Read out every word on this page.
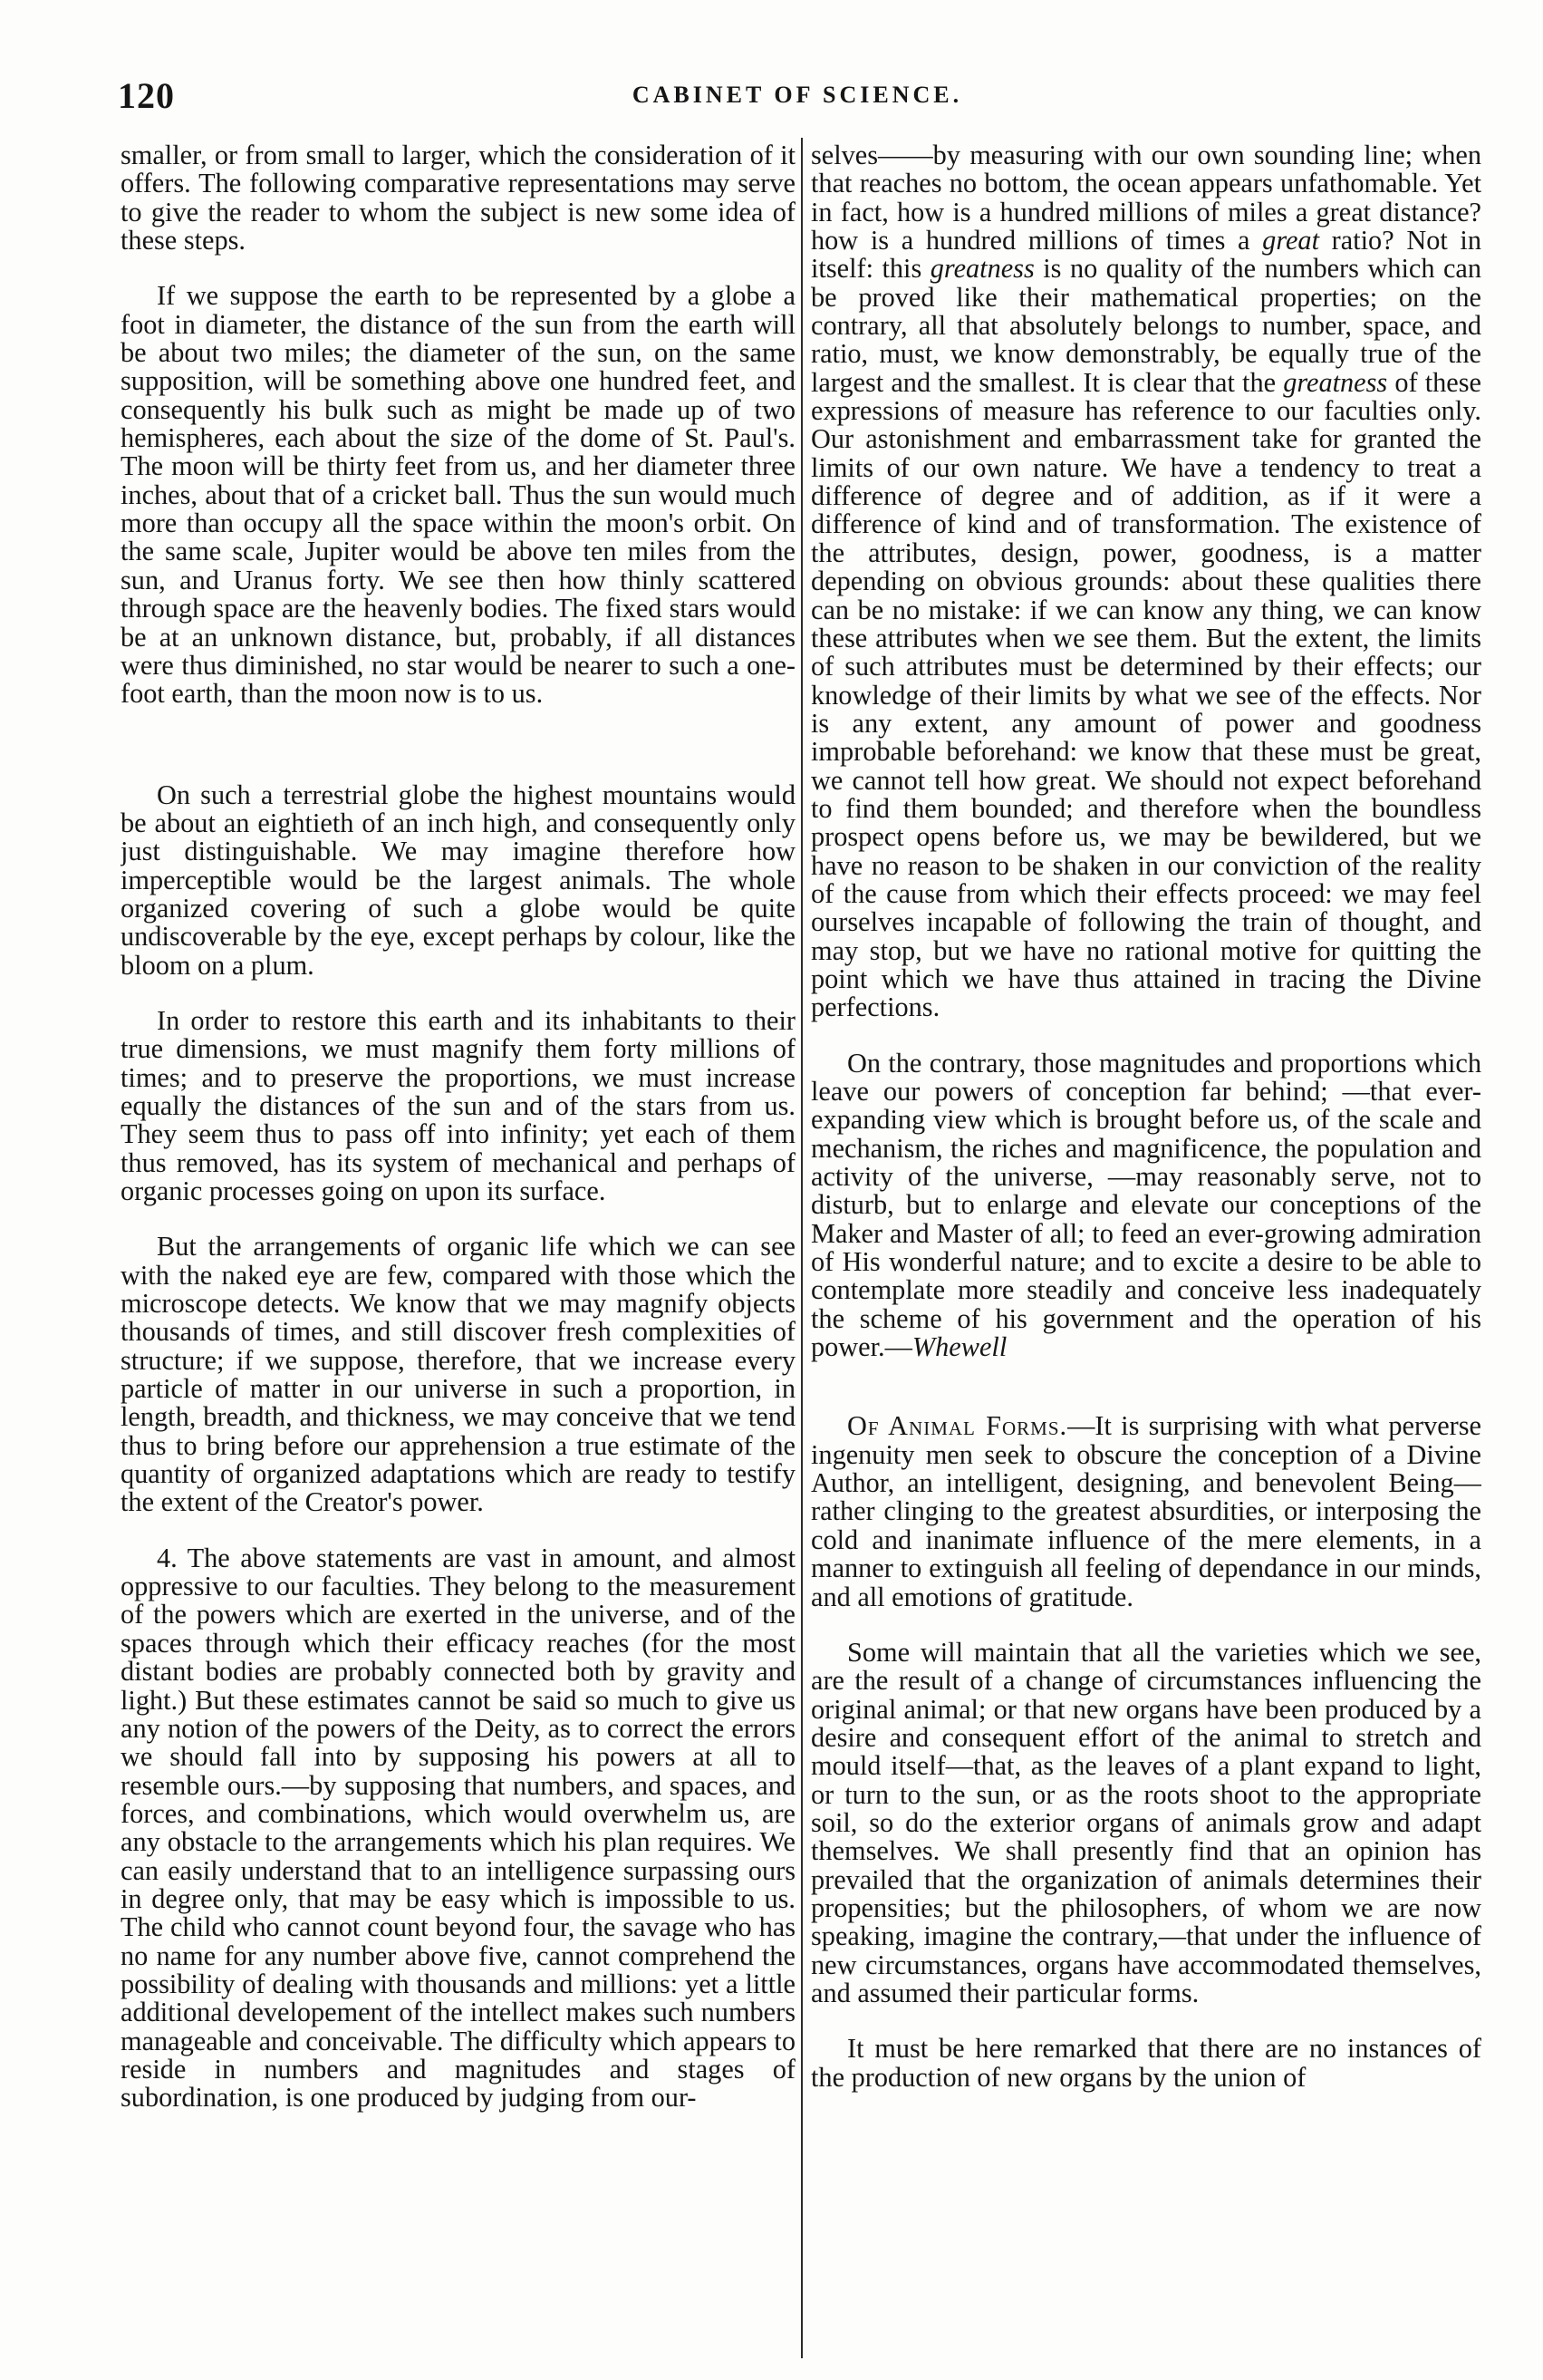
120	CABINET OF SCIENCE.

smaller, or from small to larger, which the consideration of it offers. The following comparative representations may serve to give the reader to whom the subject is new some idea of these steps.

If we suppose the earth to be represented by a globe a foot in diameter, the distance of the sun from the earth will be about two miles; the diameter of the sun, on the same supposition, will be something above one hundred feet, and consequently his bulk such as might be made up of two hemispheres, each about the size of the dome of St. Paul's. The moon will be thirty feet from us, and her diameter three inches, about that of a cricket ball. Thus the sun would much more than occupy all the space within the moon's orbit. On the same scale, Jupiter would be above ten miles from the sun, and Uranus forty. We see then how thinly scattered through space are the heavenly bodies. The fixed stars would be at an unknown distance, but, probably, if all distances were thus diminished, no star would be nearer to such a one-foot earth, than the moon now is to us.

On such a terrestrial globe the highest mountains would be about an eightieth of an inch high, and consequently only just distinguishable. We may imagine therefore how imperceptible would be the largest animals. The whole organized covering of such a globe would be quite undiscoverable by the eye, except perhaps by colour, like the bloom on a plum.

In order to restore this earth and its inhabitants to their true dimensions, we must magnify them forty millions of times; and to preserve the proportions, we must increase equally the distances of the sun and of the stars from us. They seem thus to pass off into infinity; yet each of them thus removed, has its system of mechanical and perhaps of organic processes going on upon its surface.

But the arrangements of organic life which we can see with the naked eye are few, compared with those which the microscope detects. We know that we may magnify objects thousands of times, and still discover fresh complexities of structure; if we suppose, therefore, that we increase every particle of matter in our universe in such a proportion, in length, breadth, and thickness, we may conceive that we tend thus to bring before our apprehension a true estimate of the quantity of organized adaptations which are ready to testify the extent of the Creator's power.

4. The above statements are vast in amount, and almost oppressive to our faculties. They belong to the measurement of the powers which are exerted in the universe, and of the spaces through which their efficacy reaches (for the most distant bodies are probably connected both by gravity and light.) But these estimates cannot be said so much to give us any notion of the powers of the Deity, as to correct the errors we should fall into by supposing his powers at all to resemble ours.—by supposing that numbers, and spaces, and forces, and combinations, which would overwhelm us, are any obstacle to the arrangements which his plan requires. We can easily understand that to an intelligence surpassing ours in degree only, that may be easy which is impossible to us. The child who cannot count beyond four, the savage who has no name for any number above five, cannot comprehend the possibility of dealing with thousands and millions: yet a little additional developement of the intellect makes such numbers manageable and conceivable. The difficulty which appears to reside in numbers and magnitudes and stages of subordination, is one produced by judging from our-

selves——by measuring with our own sounding line; when that reaches no bottom, the ocean appears unfathomable. Yet in fact, how is a hundred millions of miles a great distance? how is a hundred millions of times a great ratio? Not in itself: this greatness is no quality of the numbers which can be proved like their mathematical properties; on the contrary, all that absolutely belongs to number, space, and ratio, must, we know demonstrably, be equally true of the largest and the smallest. It is clear that the greatness of these expressions of measure has reference to our faculties only. Our astonishment and embarrassment take for granted the limits of our own nature. We have a tendency to treat a difference of degree and of addition, as if it were a difference of kind and of transformation. The existence of the attributes, design, power, goodness, is a matter depending on obvious grounds: about these qualities there can be no mistake: if we can know any thing, we can know these attributes when we see them. But the extent, the limits of such attributes must be determined by their effects; our knowledge of their limits by what we see of the effects. Nor is any extent, any amount of power and goodness improbable beforehand: we know that these must be great, we cannot tell how great. We should not expect beforehand to find them bounded; and therefore when the boundless prospect opens before us, we may be bewildered, but we have no reason to be shaken in our conviction of the reality of the cause from which their effects proceed: we may feel ourselves incapable of following the train of thought, and may stop, but we have no rational motive for quitting the point which we have thus attained in tracing the Divine perfections.

On the contrary, those magnitudes and proportions which leave our powers of conception far behind; —that ever-expanding view which is brought before us, of the scale and mechanism, the riches and magnificence, the population and activity of the universe, —may reasonably serve, not to disturb, but to enlarge and elevate our conceptions of the Maker and Master of all; to feed an ever-growing admiration of His wonderful nature; and to excite a desire to be able to contemplate more steadily and conceive less inadequately the scheme of his government and the operation of his power.—Whewell

Of Animal Forms.—It is surprising with what perverse ingenuity men seek to obscure the conception of a Divine Author, an intelligent, designing, and benevolent Being—rather clinging to the greatest absurdities, or interposing the cold and inanimate influence of the mere elements, in a manner to extinguish all feeling of dependance in our minds, and all emotions of gratitude.

Some will maintain that all the varieties which we see, are the result of a change of circumstances influencing the original animal; or that new organs have been produced by a desire and consequent effort of the animal to stretch and mould itself—that, as the leaves of a plant expand to light, or turn to the sun, or as the roots shoot to the appropriate soil, so do the exterior organs of animals grow and adapt themselves. We shall presently find that an opinion has prevailed that the organization of animals determines their propensities; but the philosophers, of whom we are now speaking, imagine the contrary,—that under the influence of new circumstances, organs have accommodated themselves, and assumed their particular forms.

It must be here remarked that there are no instances of the production of new organs by the union of
